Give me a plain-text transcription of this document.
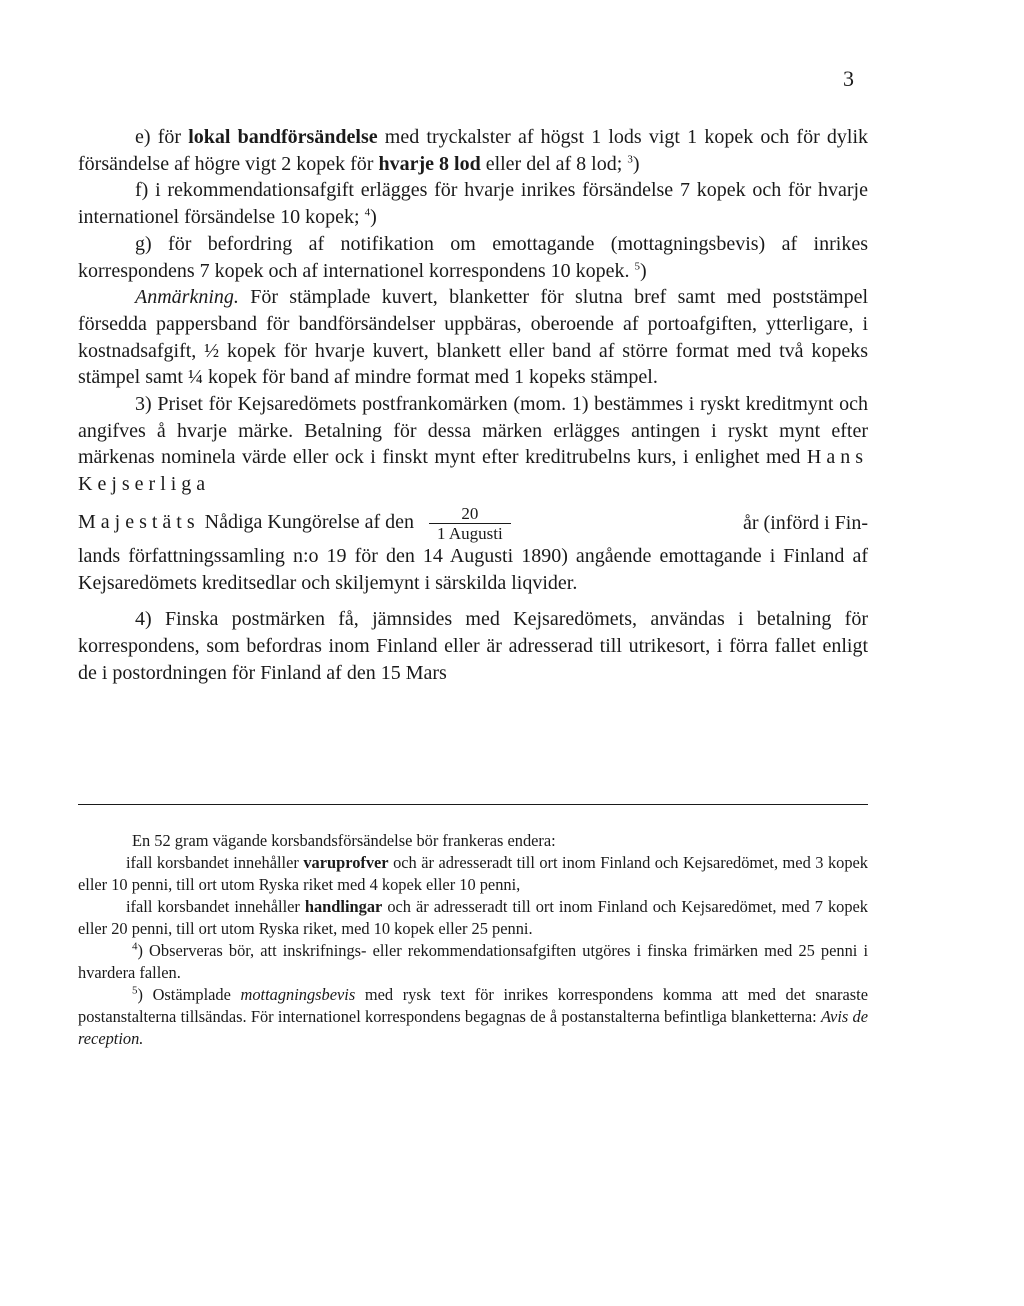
3

e) för lokal bandförsändelse med tryckalster af högst 1 lods vigt 1 kopek och för dylik försändelse af högre vigt 2 kopek för hvarje 8 lod eller del af 8 lod; $^3$)

f) i rekommendationsafgift erlägges för hvarje inrikes försändelse 7 kopek och för hvarje internationel försändelse 10 kopek; $^4$)

g) för befordring af notifikation om emottagande (mottagningsbevis) af inrikes korrespondens 7 kopek och af internationel korrespondens 10 kopek. $^5$)

Anmärkning. För stämplade kuvert, blanketter för slutna bref samt med poststämpel försedda pappersband för bandförsändelser uppbäras, oberoende af portoafgiften, ytterligare, i kostnadsafgift, ½ kopek för hvarje kuvert, blankett eller band af större format med två kopeks stämpel samt ¼ kopek för band af mindre format med 1 kopeks stämpel.

3) Priset för Kejsaredömets postfrankomärken (mom. 1) bestämmes i ryskt kreditmynt och angifves å hvarje märke. Betalning för dessa märken erlägges antingen i ryskt mynt efter märkenas nominela värde eller ock i finskt mynt efter kreditrubelns kurs, i enlighet med Hans Kejserliga

Majestäts Nådiga Kungörelse af den $\frac{20}{\text{1 Augusti}}$	år (införd i Fin-

lands författningssamling n:o 19 för den 14 Augusti 1890) angående emottagande i Finland af Kejsaredömets kreditsedlar och skiljemynt i särskilda liqvider.

4) Finska postmärken få, jämnsides med Kejsaredömets, användas i betalning för korrespondens, som befordras inom Finland eller är adresserad till utrikesort, i förra fallet enligt de i postordningen för Finland af den 15 Mars

En 52 gram vägande korsbandsförsändelse bör frankeras endera:

ifall korsbandet innehåller varuprofver och är adresseradt till ort inom Finland och Kejsaredömet, med 3 kopek eller 10 penni, till ort utom Ryska riket med 4 kopek eller 10 penni,

ifall korsbandet innehåller handlingar och är adresseradt till ort inom Finland och Kejsaredömet, med 7 kopek eller 20 penni, till ort utom Ryska riket, med 10 kopek eller 25 penni.

$^4$) Observeras bör, att inskrifnings- eller rekommendationsafgiften utgöres i finska frimärken med 25 penni i hvardera fallen.

$^5$) Ostämplade mottagningsbevis med rysk text för inrikes korrespondens komma att med det snaraste postanstalterna tillsändas. För internationel korrespondens begagnas de å postanstalterna befintliga blanketterna: Avis de reception.
